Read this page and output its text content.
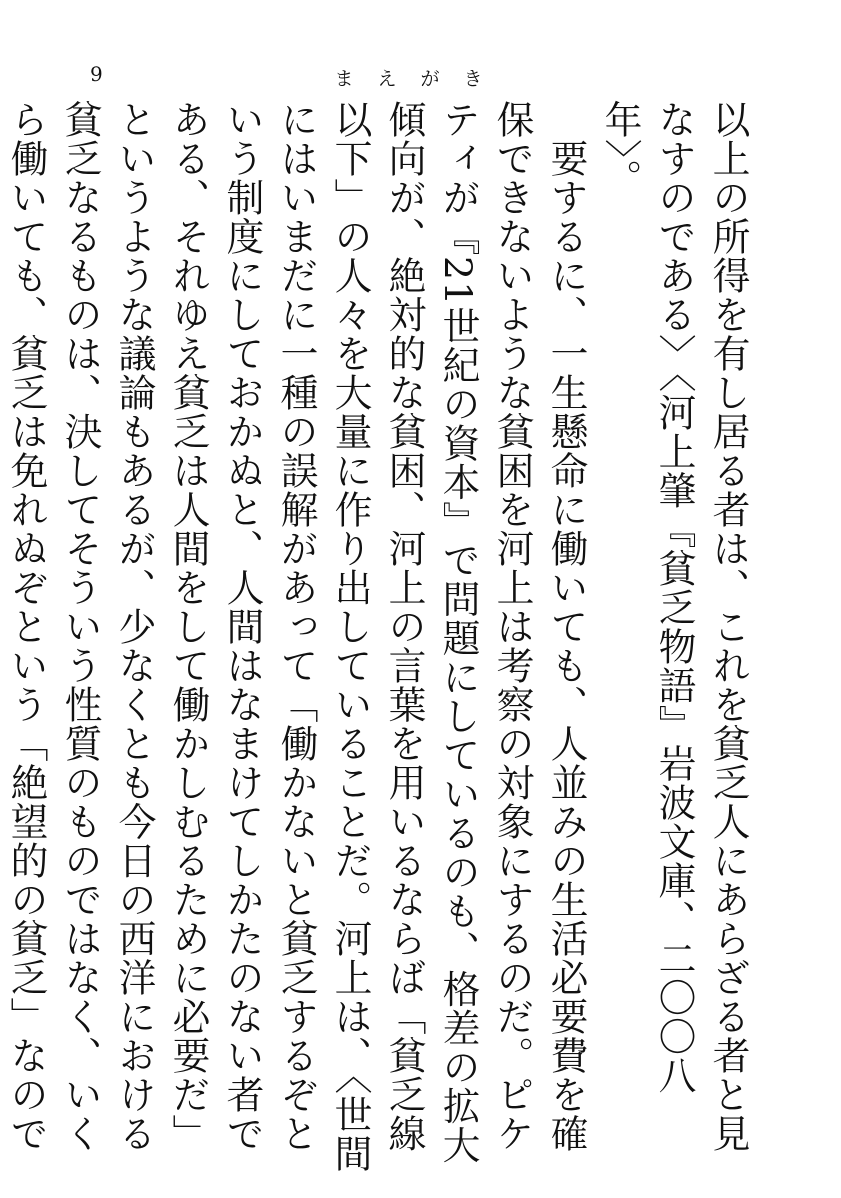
9	まえがき
以上の所得を有し居る者は、これを貧乏人にあらざる者と見なすのである〉〈河上肇『貧乏物語』岩波文庫、二〇〇八年〉。
　要するに、一生懸命に働いても、人並みの生活必要費を確保できないような貧困を河上は考察の対象にするのだ。ピケティが『21世紀の資本』で問題にしているのも、格差の拡大傾向が、絶対的な貧困、河上の言葉を用いるならば「貧乏線以下」の人々を大量に作り出していることだ。河上は、〈世間にはいまだに一種の誤解があって「働かないと貧乏するぞという制度にしておかぬと、人間はなまけてしかたのない者である、それゆえ貧乏は人間をして働かしむるために必要だ」というような議論もあるが、少なくとも今日の西洋における貧乏なるものは、決してそういう性質のものではなく、いくら働いても、貧乏は免れぬぞという「絶望的の貧乏」なので
